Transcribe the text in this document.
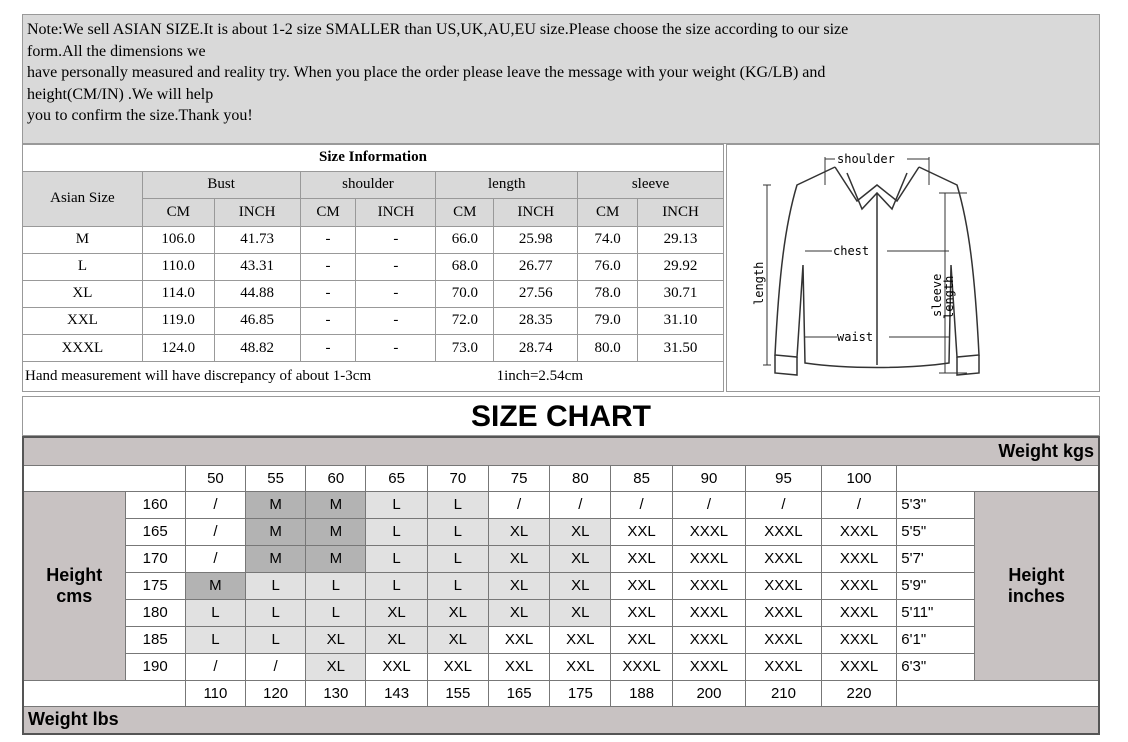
Note:We sell ASIAN SIZE.It is about 1-2 size SMALLER than US,UK,AU,EU size.Please choose the size according to our size
form.All the dimensions we
have personally measured and reality try. When you place the order please leave the message with your weight (KG/LB) and
height(CM/IN) .We will help
you to confirm the size.Thank you!
Size Information								
Asian Size	Bust		shoulder		length		sleeve	
	CM	INCH	CM	INCH	CM	INCH	CM	INCH
M	106.0	41.73	-	-	66.0	25.98	74.0	29.13
L	110.0	43.31	-	-	68.0	26.77	76.0	29.92
XL	114.0	44.88	-	-	70.0	27.56	78.0	30.71
XXL	119.0	46.85	-	-	72.0	28.35	79.0	31.10
XXXL	124.0	48.82	-	-	73.0	28.74	80.0	31.50
Hand measurement will have discrepancy of about 1-3cm 1inch=2.54cm								
shoulder
chest
waist
length	sleeve
length
SIZE CHART
Weight kgs														
		50	55	60	65	70	75	80	85	90	95	100		
Height
cms	160	/	M	M	L	L	/	/	/	/	/	/	5'3"	Height
inches
	165	/	M	M	L	L	XL	XL	XXL	XXXL	XXXL	XXXL	5'5"	
	170	/	M	M	L	L	XL	XL	XXL	XXXL	XXXL	XXXL	5'7'	
	175	M	L	L	L	L	XL	XL	XXL	XXXL	XXXL	XXXL	5'9"	
	180	L	L	L	XL	XL	XL	XL	XXL	XXXL	XXXL	XXXL	5'11"	
	185	L	L	XL	XL	XL	XXL	XXL	XXL	XXXL	XXXL	XXXL	6'1"	
	190	/	/	XL	XXL	XXL	XXL	XXL	XXXL	XXXL	XXXL	XXXL	6'3"	
		110	120	130	143	155	165	175	188	200	210	220		
Weight lbs														
